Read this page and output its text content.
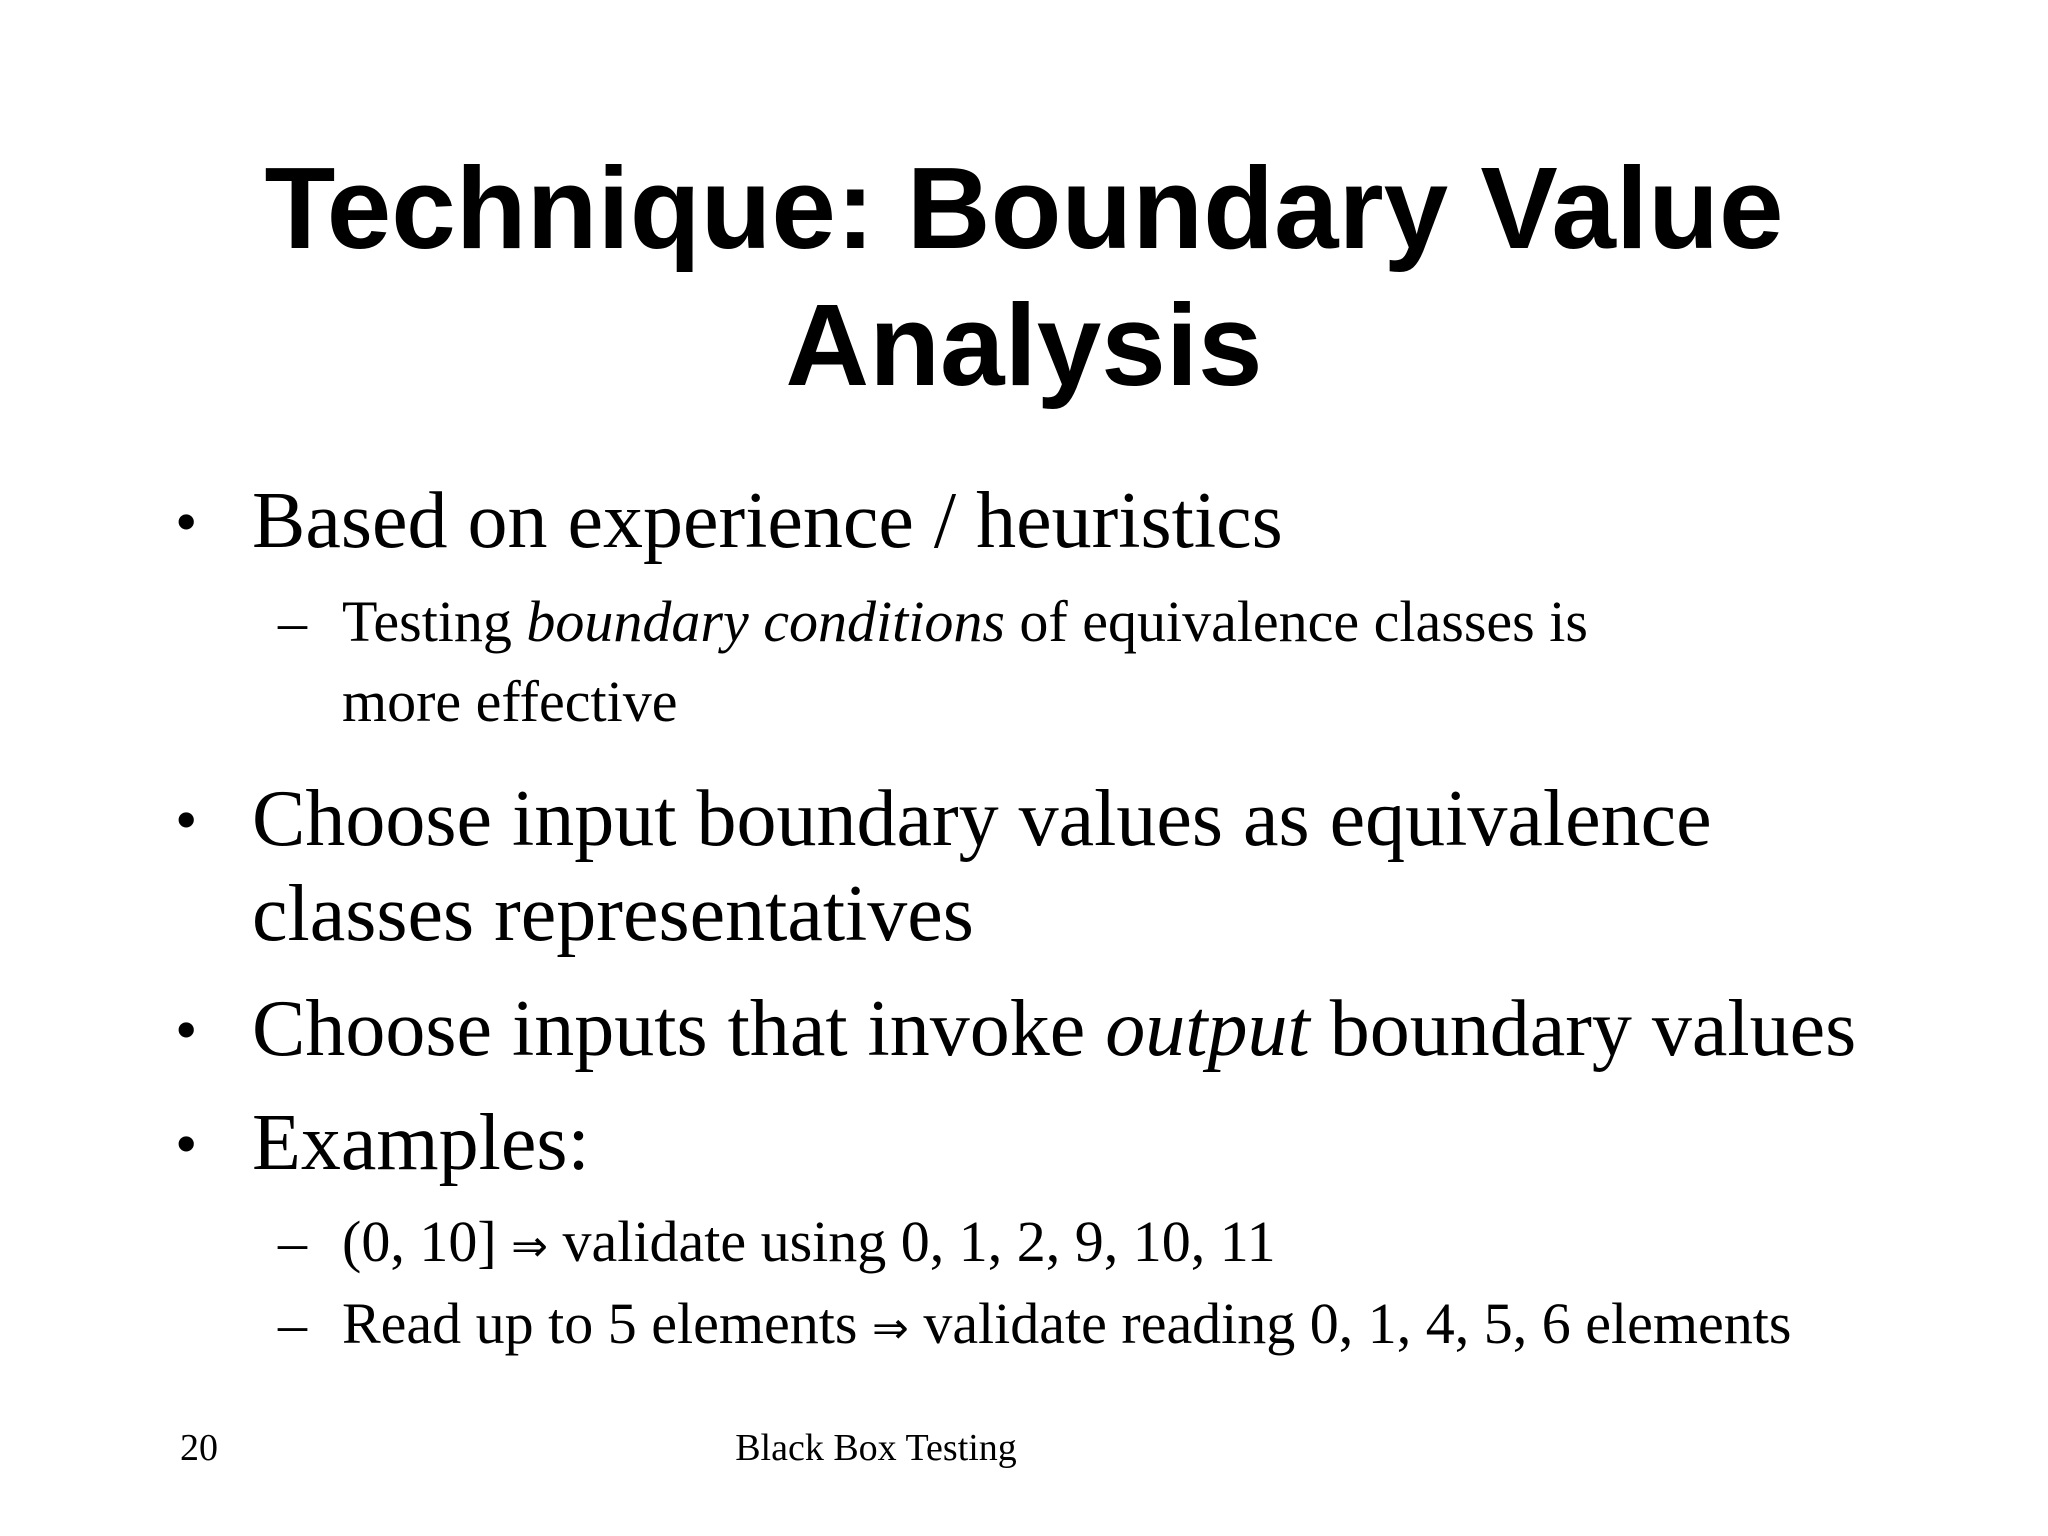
Technique: Boundary Value
Analysis
• Based on experience / heuristics

– Testing boundary conditions of equivalence classes is

more effective

• Choose input boundary values as equivalence

classes representatives

• Choose inputs that invoke output boundary values

• Examples:

– (0, 10] ⇒ validate using 0, 1, 2, 9, 10, 11

– Read up to 5 elements ⇒ validate reading 0, 1, 4, 5, 6 elements

20	Black Box Testing
